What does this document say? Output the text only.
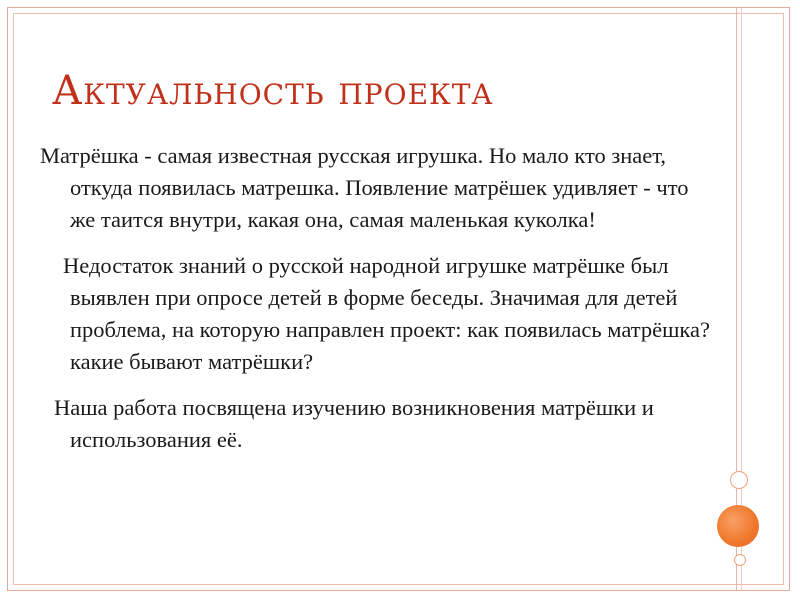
Актуальность проекта

Матрёшка - самая известная русская игрушка. Но мало кто знает, откуда появилась матрешка. Появление матрёшек удивляет - что же таится внутри, какая она, самая маленькая куколка!

Недостаток знаний о русской народной игрушке матрёшке был выявлен при опросе детей в форме беседы. Значимая для детей проблема, на которую направлен проект: как появилась матрёшка? какие бывают матрёшки?

Наша работа посвящена изучению возникновения матрёшки и использования её.
